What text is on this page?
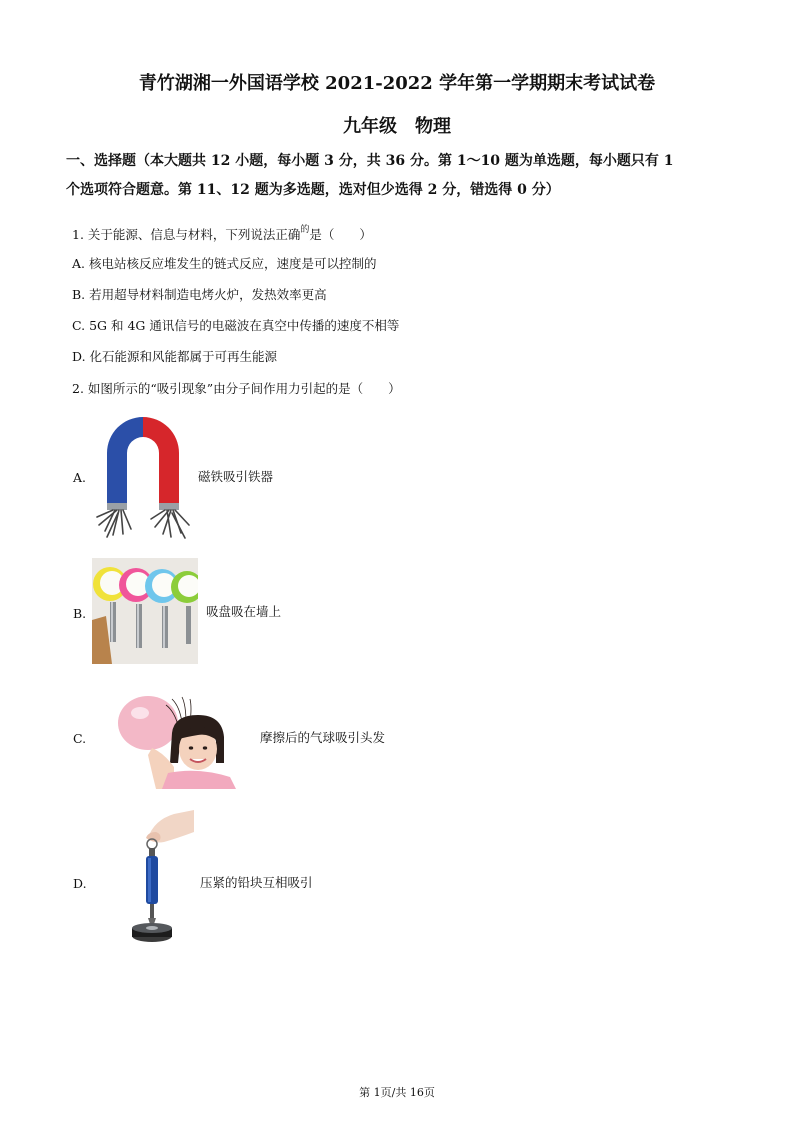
青竹湖湘一外国语学校 2021-2022 学年第一学期期末考试试卷
九年级　物理
一、选择题（本大题共 12 小题，每小题 3 分，共 36 分。第 1～10 题为单选题，每小题只有 1
个选项符合题意。第 11、12 题为多选题，选对但少选得 2 分，错选得 0 分）
1. 关于能源、信息与材料，下列说法正确$^的$是（　　）
A. 核电站核反应堆发生的链式反应，速度是可以控制的
B. 若用超导材料制造电烤火炉，发热效率更高
C. 5G 和 4G 通讯信号的电磁波在真空中传播的速度不相等
D. 化石能源和风能都属于可再生能源
2. 如图所示的“吸引现象”由分子间作用力引起的是（　　）
A.	磁铁吸引铁器
B.	吸盘吸在墙上
C.	摩擦后的气球吸引头发
D.	压紧的铅块互相吸引
第 1页/共 16页
